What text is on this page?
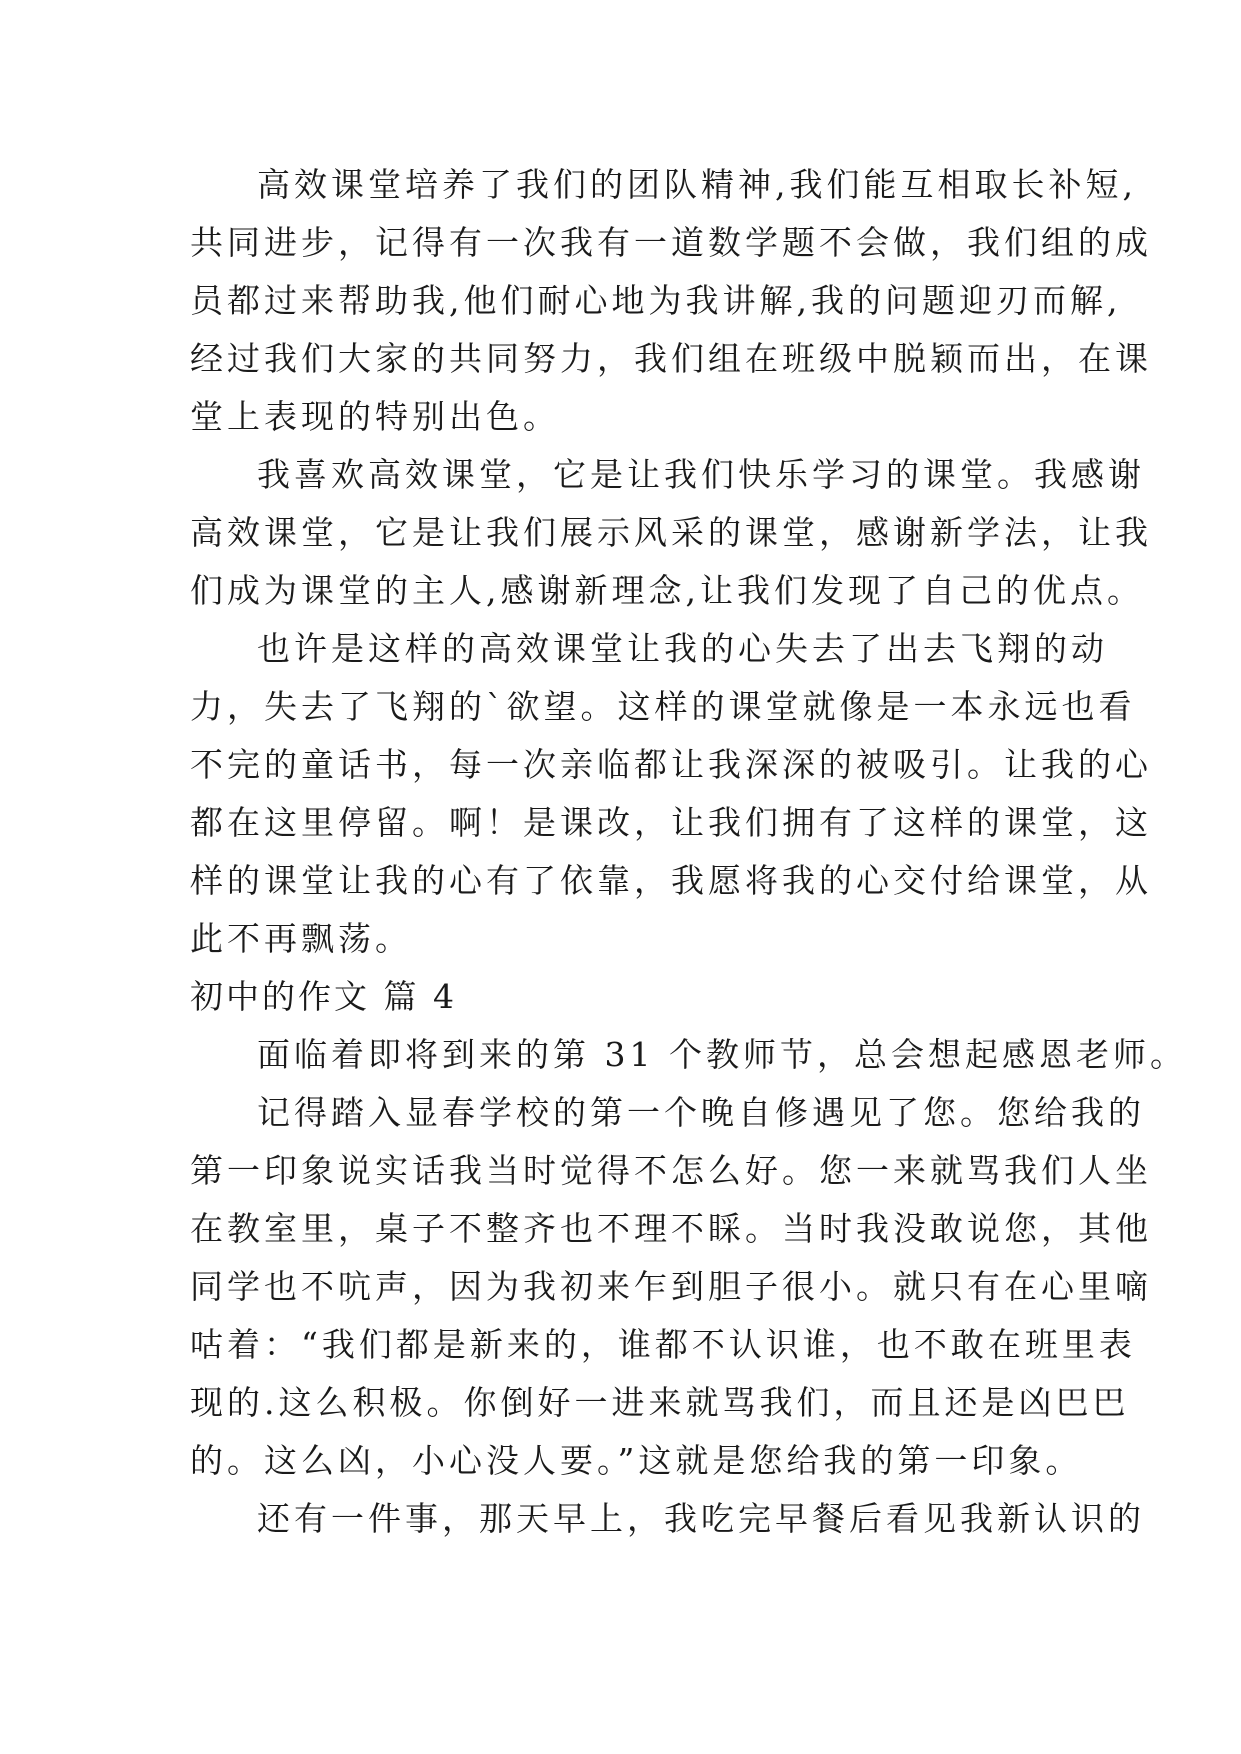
高效课堂培养了我们的团队精神,我们能互相取长补短,
共同进步，记得有一次我有一道数学题不会做，我们组的成
员都过来帮助我,他们耐心地为我讲解,我的问题迎刃而解,
经过我们大家的共同努力，我们组在班级中脱颖而出，在课
堂上表现的特别出色。
我喜欢高效课堂，它是让我们快乐学习的课堂。我感谢
高效课堂，它是让我们展示风采的课堂，感谢新学法，让我
们成为课堂的主人,感谢新理念,让我们发现了自己的优点。
也许是这样的高效课堂让我的心失去了出去飞翔的动
力，失去了飞翔的`欲望。这样的课堂就像是一本永远也看
不完的童话书，每一次亲临都让我深深的被吸引。让我的心
都在这里停留。啊！是课改，让我们拥有了这样的课堂，这
样的课堂让我的心有了依靠，我愿将我的心交付给课堂，从
此不再飘荡。
初中的作文 篇 4
面临着即将到来的第 31 个教师节，总会想起感恩老师。
记得踏入显春学校的第一个晚自修遇见了您。您给我的
第一印象说实话我当时觉得不怎么好。您一来就骂我们人坐
在教室里，桌子不整齐也不理不睬。当时我没敢说您，其他
同学也不吭声，因为我初来乍到胆子很小。就只有在心里嘀
咕着：“我们都是新来的，谁都不认识谁，也不敢在班里表
现的.这么积极。你倒好一进来就骂我们，而且还是凶巴巴
的。这么凶，小心没人要。”这就是您给我的第一印象。
还有一件事，那天早上，我吃完早餐后看见我新认识的
